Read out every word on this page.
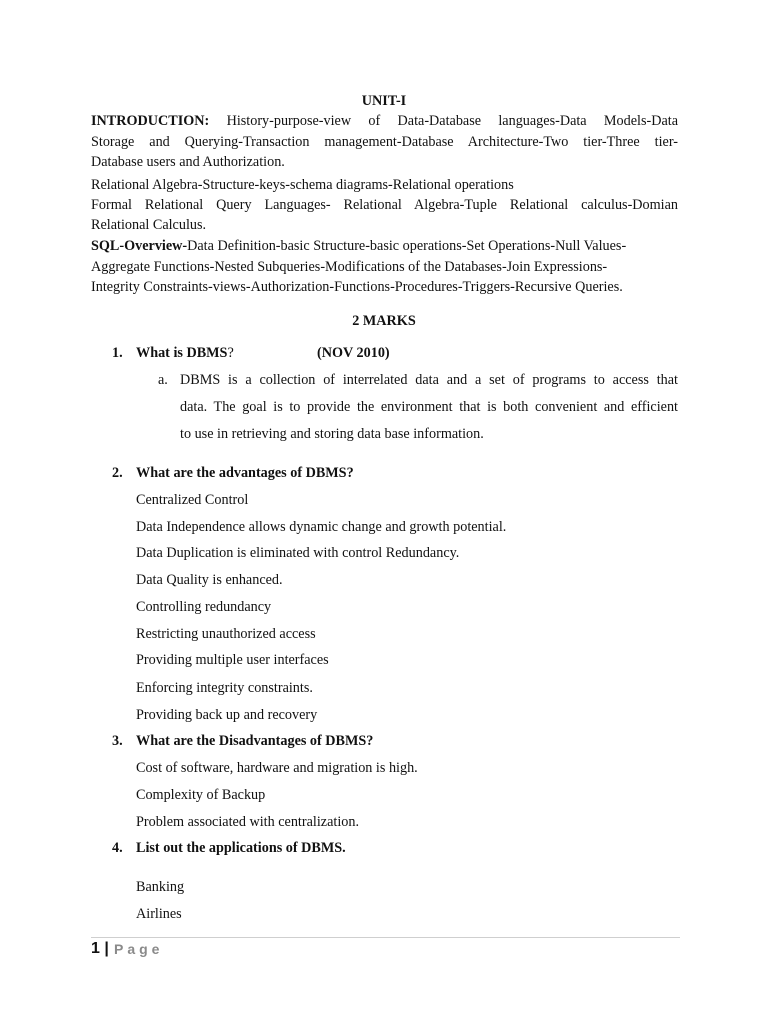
UNIT-I
INTRODUCTION: History-purpose-view of Data-Database languages-Data Models-Data
Storage and Querying-Transaction management-Database Architecture-Two tier-Three tier-
Database users and Authorization.
Relational Algebra-Structure-keys-schema diagrams-Relational operations
Formal Relational Query Languages- Relational Algebra-Tuple Relational calculus-Domian
Relational Calculus.
SQL-Overview-Data Definition-basic Structure-basic operations-Set Operations-Null Values-
Aggregate Functions-Nested Subqueries-Modifications of the Databases-Join Expressions-
Integrity Constraints-views-Authorization-Functions-Procedures-Triggers-Recursive Queries.
2 MARKS
1. What is DBMS?	(NOV 2010)
a. DBMS is a collection of interrelated data and a set of programs to access that
data. The goal is to provide the environment that is both convenient and efficient
to use in retrieving and storing data base information.
2. What are the advantages of DBMS?
Centralized Control
Data Independence allows dynamic change and growth potential.
Data Duplication is eliminated with control Redundancy.
Data Quality is enhanced.
Controlling redundancy
Restricting unauthorized access
Providing multiple user interfaces
Enforcing integrity constraints.
Providing back up and recovery
3. What are the Disadvantages of DBMS?
Cost of software, hardware and migration is high.
Complexity of Backup
Problem associated with centralization.
4. List out the applications of DBMS.
Banking
Airlines
1 | Page
